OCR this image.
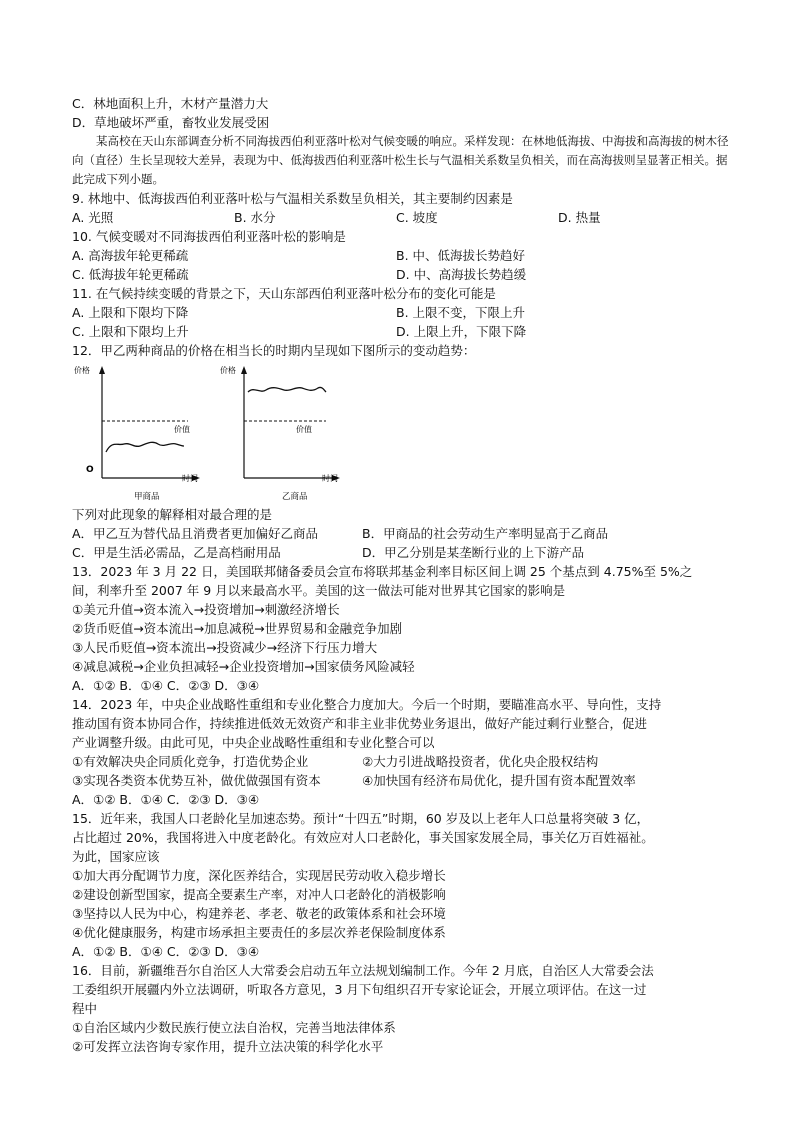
C．林地面积上升，木材产量潜力大
D．草地破坏严重，畜牧业发展受困
某高校在天山东部调查分析不同海拔西伯利亚落叶松对气候变暖的响应。采样发现：在林地低海拔、中海拔和高海拔的树木径向（直径）生长呈现较大差异，表现为中、低海拔西伯利亚落叶松生长与气温相关系数呈负相关，而在高海拔则呈显著正相关。据此完成下列小题。
9. 林地中、低海拔西伯利亚落叶松与气温相关系数呈负相关，其主要制约因素是
A. 光照	B. 水分	C. 坡度	D. 热量
10. 气候变暖对不同海拔西伯利亚落叶松的影响是
A. 高海拔年轮更稀疏	B. 中、低海拔长势趋好
C. 低海拔年轮更稀疏	D. 中、高海拔长势趋缓
11. 在气候持续变暖的背景之下，天山东部西伯利亚落叶松分布的变化可能是
A. 上限和下限均下降	B. 上限不变，下限上升
C. 上限和下限均上升	D. 上限上升，下限下降
12．甲乙两种商品的价格在相当长的时期内呈现如下图所示的变动趋势：
价格
价值
O
时间
甲商品
价格
价值
时间
乙商品
下列对此现象的解释相对最合理的是
A．甲乙互为替代品且消费者更加偏好乙商品	B．甲商品的社会劳动生产率明显高于乙商品
C．甲是生活必需品，乙是高档耐用品	D．甲乙分别是某垄断行业的上下游产品
13．2023 年 3 月 22 日，美国联邦储备委员会宣布将联邦基金利率目标区间上调 25 个基点到 4.75%至 5%之
间，利率升至 2007 年 9 月以来最高水平。美国的这一做法可能对世界其它国家的影响是
①美元升值→资本流入→投资增加→刺激经济增长
②货币贬值→资本流出→加息减税→世界贸易和金融竞争加剧
③人民币贬值→资本流出→投资减少→经济下行压力增大
④减息减税→企业负担减轻→企业投资增加→国家债务风险减轻
A．①② B．①④ C．②③ D．③④
14．2023 年，中央企业战略性重组和专业化整合力度加大。今后一个时期，要瞄准高水平、导向性，支持
推动国有资本协同合作，持续推进低效无效资产和非主业非优势业务退出，做好产能过剩行业整合，促进
产业调整升级。由此可见，中央企业战略性重组和专业化整合可以
①有效解决央企同质化竞争，打造优势企业	②大力引进战略投资者，优化央企股权结构
③实现各类资本优势互补，做优做强国有资本	④加快国有经济布局优化，提升国有资本配置效率
A．①② B．①④ C．②③ D．③④
15．近年来，我国人口老龄化呈加速态势。预计“十四五”时期，60 岁及以上老年人口总量将突破 3 亿，
占比超过 20%，我国将进入中度老龄化。有效应对人口老龄化，事关国家发展全局，事关亿万百姓福祉。
为此，国家应该
①加大再分配调节力度，深化医养结合，实现居民劳动收入稳步增长
②建设创新型国家，提高全要素生产率，对冲人口老龄化的消极影响
③坚持以人民为中心，构建养老、孝老、敬老的政策体系和社会环境
④优化健康服务，构建市场承担主要责任的多层次养老保险制度体系
A．①② B．①④ C．②③ D．③④
16．目前，新疆维吾尔自治区人大常委会启动五年立法规划编制工作。今年 2 月底，自治区人大常委会法
工委组织开展疆内外立法调研，听取各方意见，3 月下旬组织召开专家论证会，开展立项评估。在这一过
程中
①自治区域内少数民族行使立法自治权，完善当地法律体系
②可发挥立法咨询专家作用，提升立法决策的科学化水平
